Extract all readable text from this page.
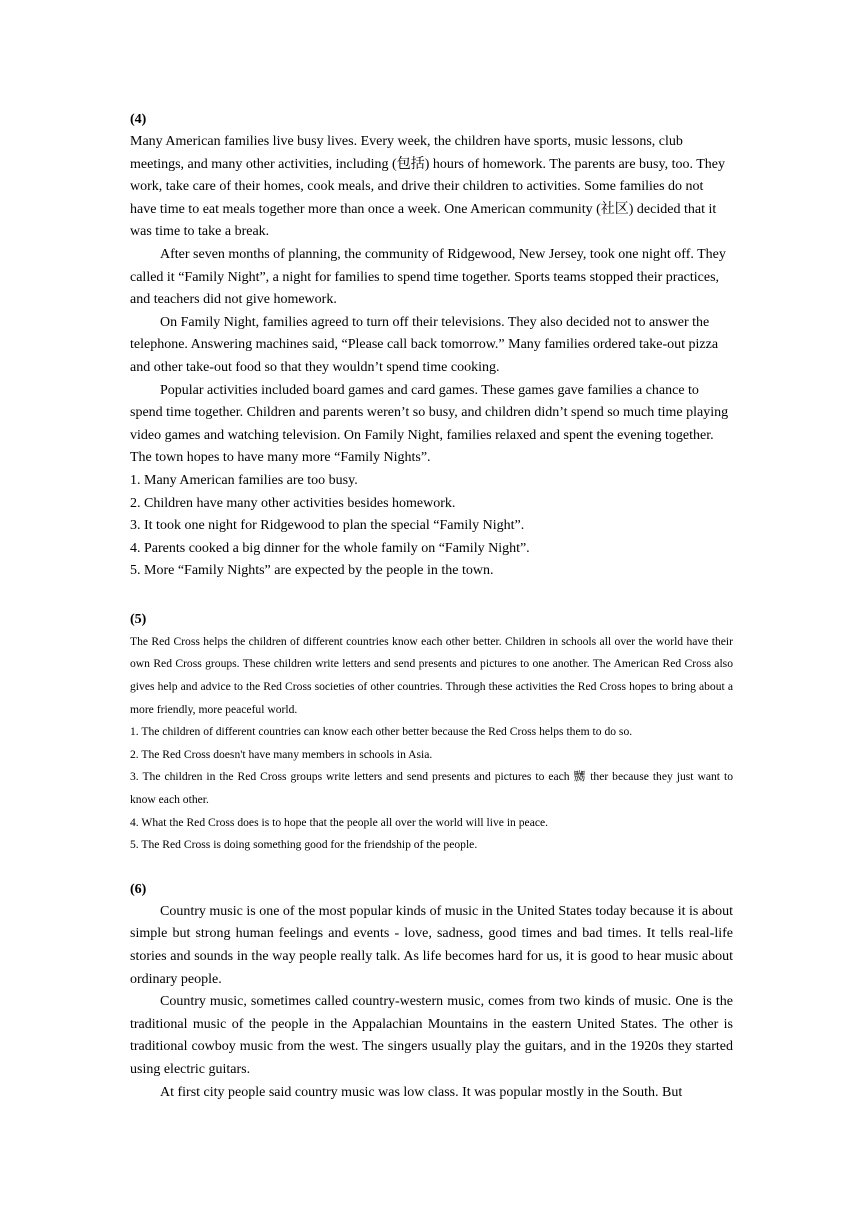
(4)

Many American families live busy lives. Every week, the children have sports, music lessons, club meetings, and many other activities, including (包括) hours of homework. The parents are busy, too. They work, take care of their homes, cook meals, and drive their children to activities. Some families do not have time to eat meals together more than once a week. One American community (社区) decided that it was time to take a break.

After seven months of planning, the community of Ridgewood, New Jersey, took one night off. They called it “Family Night”, a night for families to spend time together. Sports teams stopped their practices, and teachers did not give homework.

On Family Night, families agreed to turn off their televisions. They also decided not to answer the telephone. Answering machines said, “Please call back tomorrow.” Many families ordered take-out pizza and other take-out food so that they wouldn’t spend time cooking.

Popular activities included board games and card games. These games gave families a chance to spend time together. Children and parents weren’t so busy, and children didn’t spend so much time playing video games and watching television. On Family Night, families relaxed and spent the evening together. The town hopes to have many more “Family Nights”.

1. Many American families are too busy.

2. Children have many other activities besides homework.

3. It took one night for Ridgewood to plan the special “Family Night”.

4. Parents cooked a big dinner for the whole family on “Family Night”.

5. More “Family Nights” are expected by the people in the town.

(5)

The Red Cross helps the children of different countries know each other better. Children in schools all over the world have their own Red Cross groups. These children write letters and send presents and pictures to one another. The American Red Cross also gives help and advice to the Red Cross societies of other countries. Through these activities the Red Cross hopes to bring about a more friendly, more peaceful world.

1. The children of different countries can know each other better because the Red Cross helps them to do so.

2. The Red Cross doesn't have many members in schools in Asia.

3. The children in the Red Cross groups write letters and send presents and pictures to each 嬲 ther because they just want to know each other.

4. What the Red Cross does is to hope that the people all over the world will live in peace.

5. The Red Cross is doing something good for the friendship of the people.

(6)

Country music is one of the most popular kinds of music in the United States today because it is about simple but strong human feelings and events - love, sadness, good times and bad times. It tells real-life stories and sounds in the way people really talk. As life becomes hard for us, it is good to hear music about ordinary people.

Country music, sometimes called country-western music, comes from two kinds of music. One is the traditional music of the people in the Appalachian Mountains in the eastern United States. The other is traditional cowboy music from the west. The singers usually play the guitars, and in the 1920s they started using electric guitars.

At first city people said country music was low class. It was popular mostly in the South. But
